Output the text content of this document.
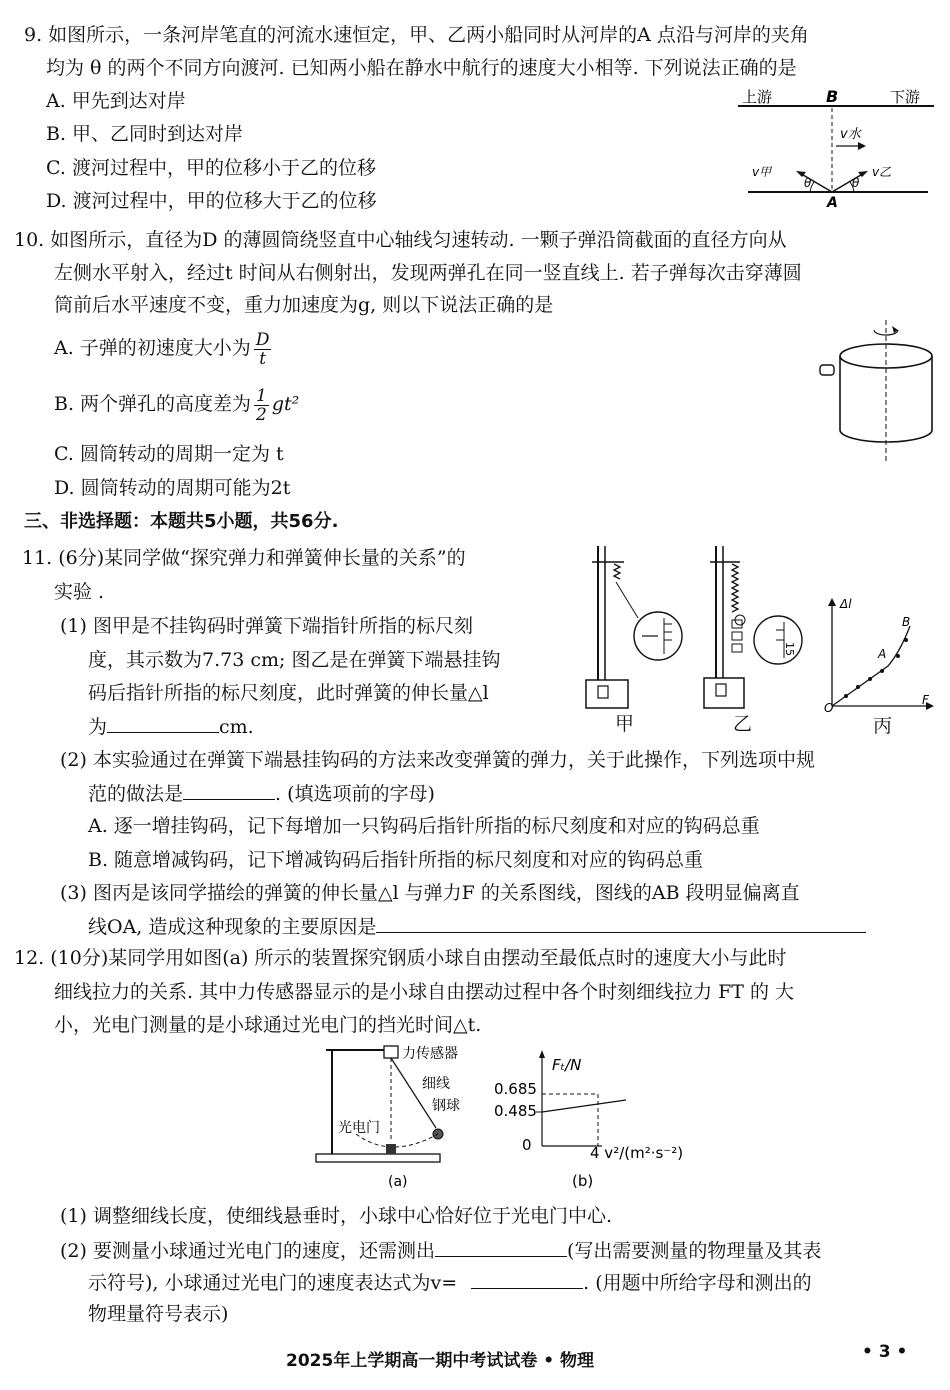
9. 如图所示，一条河岸笔直的河流水速恒定，甲、乙两小船同时从河岸的A 点沿与河岸的夹角
均为 θ 的两个不同方向渡河. 已知两小船在静水中航行的速度大小相等. 下列说法正确的是
A. 甲先到达对岸
B. 甲、乙同时到达对岸
C. 渡河过程中，甲的位移小于乙的位移
D. 渡河过程中，甲的位移大于乙的位移
上游	B	下游
v水
θ	θ
v甲	v乙
A
10. 如图所示，直径为D 的薄圆筒绕竖直中心轴线匀速转动. 一颗子弹沿筒截面的直径方向从
左侧水平射入，经过t 时间从右侧射出，发现两弹孔在同一竖直线上. 若子弹每次击穿薄圆
筒前后水平速度不变，重力加速度为g, 则以下说法正确的是
A. 子弹的初速度大小为 $\frac{D}{t}$
B. 两个弹孔的高度差为 $\frac{1}{2} gt^2$
C. 圆筒转动的周期一定为 t
D. 圆筒转动的周期可能为2t
三、非选择题：本题共5小题，共56分.
11. (6分)某同学做“探究弹力和弹簧伸长量的关系”的
实验 .
(1) 图甲是不挂钩码时弹簧下端指针所指的标尺刻
度，其示数为7.73 cm; 图乙是在弹簧下端悬挂钩
码后指针所指的标尺刻度，此时弹簧的伸长量△l
为	cm.	甲
15
乙
Δl
O
F
A
B
丙
(2) 本实验通过在弹簧下端悬挂钩码的方法来改变弹簧的弹力，关于此操作，下列选项中规
范的做法是	. (填选项前的字母)
A. 逐一增挂钩码，记下每增加一只钩码后指针所指的标尺刻度和对应的钩码总重
B. 随意增减钩码，记下增减钩码后指针所指的标尺刻度和对应的钩码总重
(3) 图丙是该同学描绘的弹簧的伸长量△l 与弹力F 的关系图线，图线的AB 段明显偏离直
线OA, 造成这种现象的主要原因是
12. (10分)某同学用如图(a) 所示的装置探究钢质小球自由摆动至最低点时的速度大小与此时
细线拉力的关系. 其中力传感器显示的是小球自由摆动过程中各个时刻细线拉力 FT 的 大
小，光电门测量的是小球通过光电门的挡光时间△t.
(a)
力传感器
细线
钢球
光电门
Fₜ/N
0.685
0.485
0	4 v²/(m²·s⁻²)
(b)
(1) 调整细线长度，使细线悬垂时，小球中心恰好位于光电门中心.
(2) 要测量小球通过光电门的速度，还需测出	(写出需要测量的物理量及其表
示符号), 小球通过光电门的速度表达式为v=	. (用题中所给字母和测出的
物理量符号表示)
2025年上学期高一期中考试试卷 • 物理	• 3 •
